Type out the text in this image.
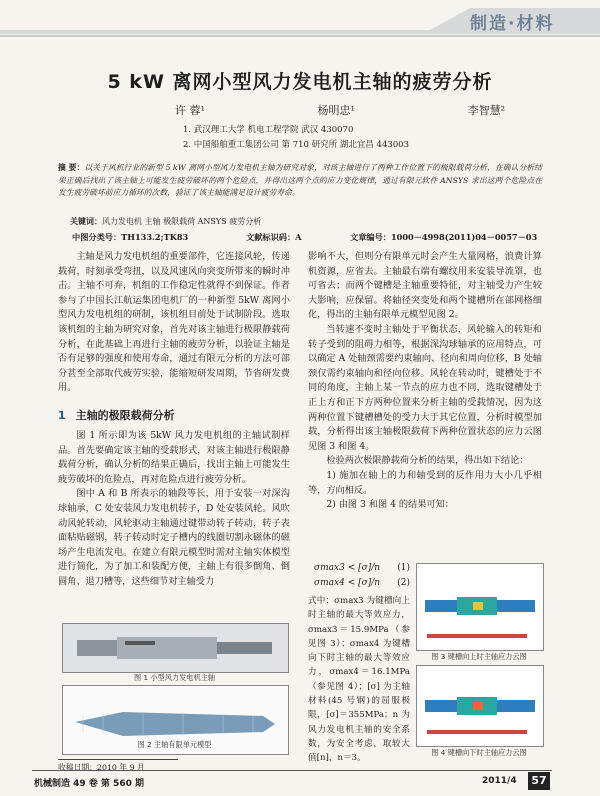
制造·材料
5 kW 离网小型风力发电机主轴的疲劳分析
许 蓉¹	杨明忠¹	李智慧²
1. 武汉理工大学 机电工程学院 武汉 430070
2. 中国船舶重工集团公司 第 710 研究所 湖北宜昌 443003
摘 要：以关于风机行业的新型 5 kW 离网小型风力发电机主轴为研究对象，对该主轴进行了两种工作位置下的极限载荷分析，在确认分析结果正确后找出了该主轴上可能发生疲劳破坏的两个危险点，并得出这两个点的应力变化规律，通过有限元软件 ANSYS 求出这两个危险点在发生疲劳破坏前应力循环的次数，验证了该主轴能满足设计疲劳寿命。
关键词：风力发电机 主轴 极限载荷 ANSYS 疲劳分析
中图分类号：TH133.2;TK83	文献标识码：A	文章编号：1000－4998(2011)04－0057－03

主轴是风力发电机组的重要部件，它连接风轮，传递载荷，时刻承受弯扭，以及风速风向突变所带来的瞬时冲击。主轴不可弃，机组的工作稳定性就得不到保证。作者参与了中国长江航运集团电机厂的一种新型 5kW 离网小型风力发电机组的研制，该机组目前处于试制阶段。选取该机组的主轴为研究对象，首先对该主轴进行极限静载荷分析，在此基础上再进行主轴的疲劳分析，以验证主轴是否有足够的强度和使用寿命，通过有限元分析的方法可部分甚至全部取代疲劳实验，能缩短研发周期，节省研发费用。

1 主轴的极限载荷分析

图 1 所示即为该 5kW 风力发电机组的主轴试制样品。首先要确定该主轴的受载形式，对该主轴进行极限静载荷分析，确认分析的结果正确后，找出主轴上可能发生疲劳破坏的危险点，再对危险点进行疲劳分析。

图中 A 和 B 所表示的轴段等长，用于安装一对深沟球轴承，C 处安装风力发电机转子，D 处安装风轮。风吹动风轮转动，风轮驱动主轴通过键带动转子转动，转子表面粘贴磁钢，转子转动时定子槽内的线圈切割永磁体的磁场产生电流发电。在建立有限元模型时需对主轴实体模型进行简化，为了加工和装配方便，主轴上有很多倒角、倒圆角、退刀槽等，这些细节对主轴受力

图 1 小型风力发电机主轴
图 2 主轴有限单元模型
收稿日期：2010 年 9 月

影响不大，但则分有限单元时会产生大量网格，浪费计算机资源，应省去。主轴最右端有螺纹用来安装导流罩，也可省去；而两个键槽是主轴重要特征，对主轴受力产生较大影响，应保留。将轴径突变处和两个键槽所在部网格细化，得出的主轴有限单元模型见图 2。

当转速不变时主轴处于平衡状态，风轮输入的转矩和转子受到的阻碍力相等，根据深沟球轴承的应用特点，可以确定 A 处轴颈需要约束轴向、径向和周向位移，B 处轴颈仅需约束轴向和径向位移。风轮在转动时，键槽处于不同的角度，主轴上某一节点的应力也不同，选取键槽处于正上方和正下方两种位置来分析主轴的受载情况，因为这两种位置下键槽槽处的受力大于其它位置，分析时模型加载，分析得出该主轴极限载荷下两种位置状态的应力云图见图 3 和图 4。

检验两次极限静载荷分析的结果，得出如下结论：

1) 施加在轴上的力和轴受到的反作用力大小几乎相等，方向相反。

2) 由图 3 和图 4 的结果可知：

σmax3 < [σ]/n (1)
σmax4 < [σ]/n (2)
式中：σmax3 为键槽向上时主轴的最大等效应力，σmax3＝15.9MPa（参见图 3）；σmax4 为键槽向下时主轴的最大等效应力，σmax4＝16.1MPa（参见图 4）；[σ] 为主轴材料(45 号钢)的屈服极限，[σ]＝355MPa；n 为风力发电机主轴的安全系数，为安全考虑，取较大值[n]，n＝3。
图 3 键槽向上时主轴应力云图
图 4 键槽向下时主轴应力云图
机械制造 49 卷 第 560 期	2011/4	57
